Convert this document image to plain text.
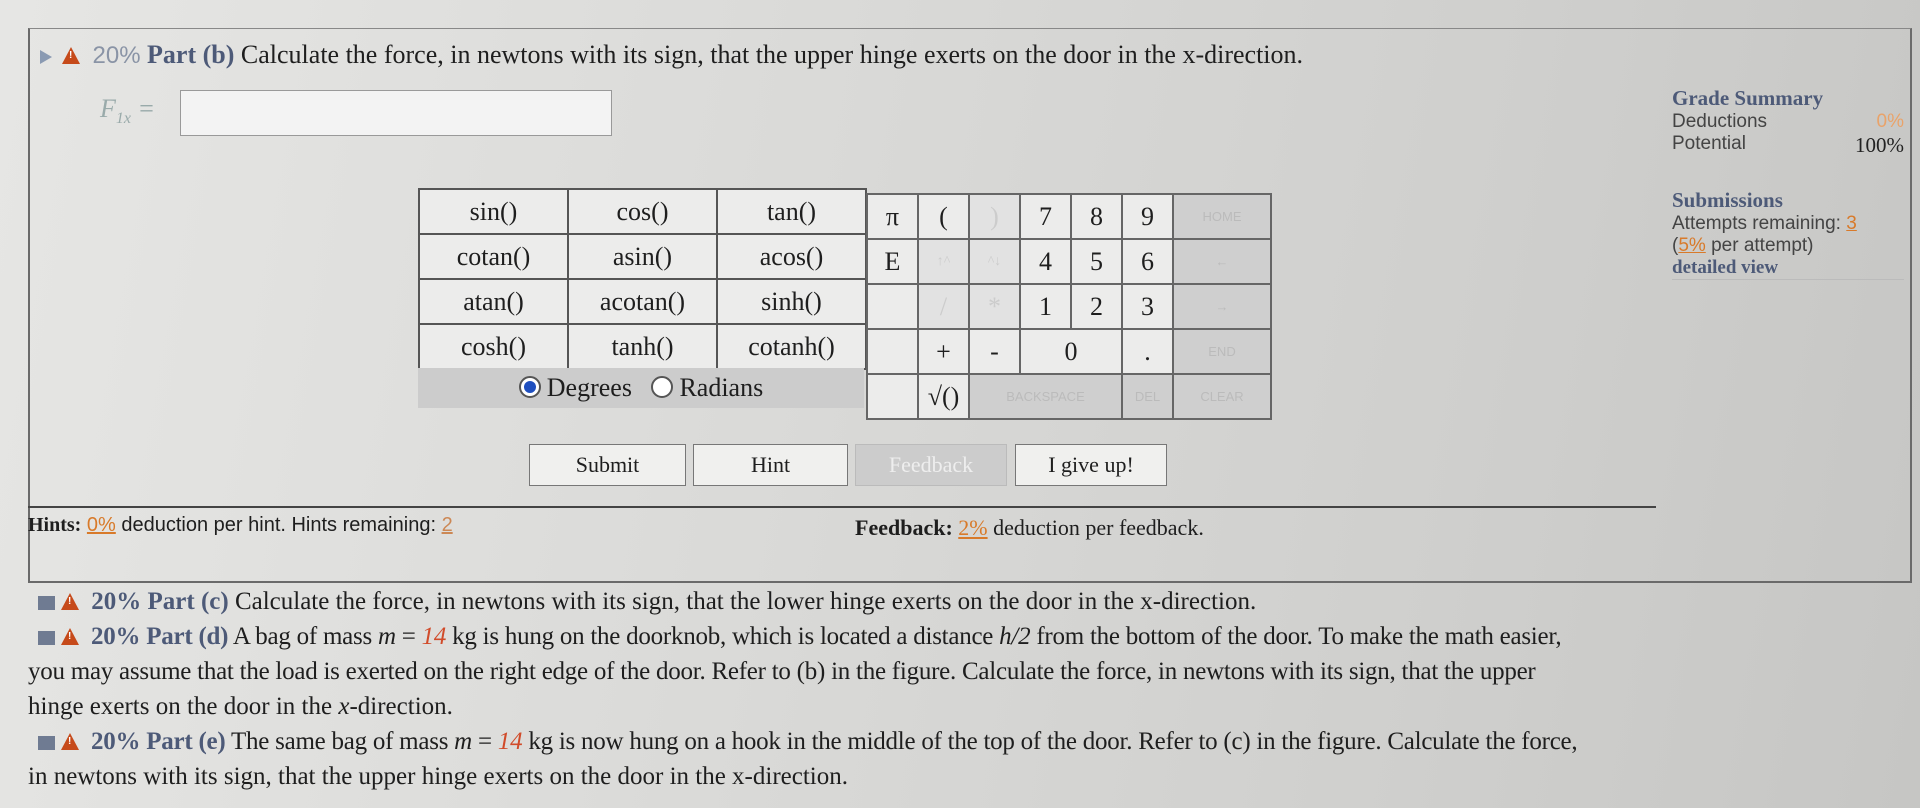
! 20% Part (b) Calculate the force, in newtons with its sign, that the upper hinge exerts on the door in the x-direction.
$F_{1x}$ =
sin()	cos()	tan()
cotan()	asin()	acos()
atan()	acotan()	sinh()
cosh()	tanh()	cotanh()
Degrees Radians
π	(	)	7	8	9	HOME
E	↑^	^↓	4	5	6	←
	/	*	1	2	3	→
	+	-	0		.	END
	√()	BACKSPACE			DEL	CLEAR
Submit	Hint	Feedback	I give up!
Hints: 0% deduction per hint. Hints remaining: 2	Feedback: 2% deduction per feedback.
Grade Summary
Deductions	0%
Potential	100%
Submissions
Attempts remaining:
3
( 5%
per attempt)
detailed view
! 20% Part (c) Calculate the force, in newtons with its sign, that the lower hinge exerts on the door in the x-direction.
! 20% Part (d) A bag of mass m = 14 kg is hung on the doorknob, which is located a distance h/2 from the bottom of the door. To make the math easier,
you may assume that the load is exerted on the right edge of the door. Refer to (b) in the figure. Calculate the force, in newtons with its sign, that the upper
hinge exerts on the door in the x-direction.
! 20% Part (e) The same bag of mass m = 14 kg is now hung on a hook in the middle of the top of the door. Refer to (c) in the figure. Calculate the force,
in newtons with its sign, that the upper hinge exerts on the door in the x-direction.
